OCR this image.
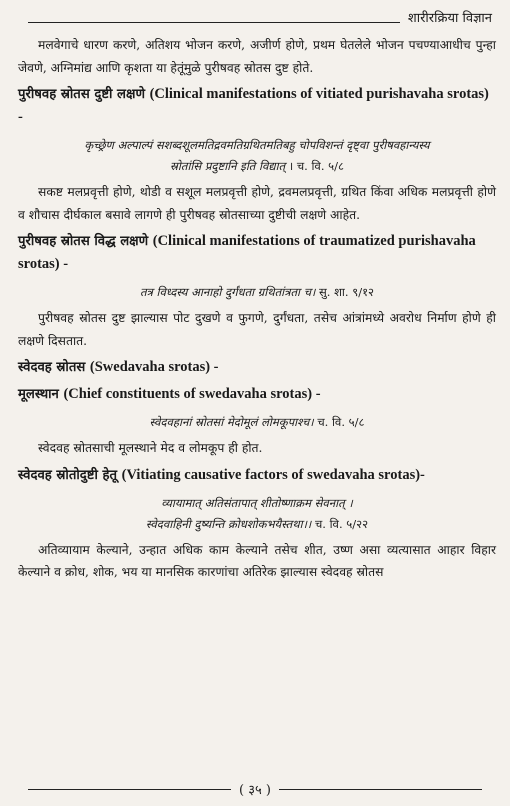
शारीरक्रिया विज्ञान

मलवेगाचे धारण करणे, अतिशय भोजन करणे, अजीर्ण होणे, प्रथम घेतलेले भोजन पचण्याआधीच पुन्हा जेवणे, अग्निमांद्य आणि कृशता या हेतूंमुळे पुरीषवह स्रोतस दुष्ट होते.

पुरीषवह स्रोतस दुष्टी लक्षणे (Clinical manifestations of vitiated purishavaha srotas) -
कृच्छ्रेण अल्पाल्पं सशब्दशूलमतिद्रवमतिग्रथितमतिबहु चोपविशन्तं दृष्ट्वा पुरीषवहान्यस्य
स्रोतांसि प्रदुष्टानि इति विद्यात् । च. वि. ५/८

सकष्ट मलप्रवृत्ती होणे, थोडी व सशूल मलप्रवृत्ती होणे, द्रवमलप्रवृत्ती, ग्रथित किंवा अधिक मलप्रवृत्ती होणे व शौचास दीर्घकाल बसावे लागणे ही पुरीषवह स्रोतसाच्या दुष्टीची लक्षणे आहेत.

पुरीषवह स्रोतस विद्ध लक्षणे (Clinical manifestations of traumatized purishavaha srotas) -
तत्र विध्दस्य आनाहो दुर्गंधता ग्रथितांत्रता च। सु. शा. ९/१२

पुरीषवह स्रोतस दुष्ट झाल्यास पोट दुखणे व फुगणे, दुर्गंधता, तसेच आंत्रांमध्ये अवरोध निर्माण होणे ही लक्षणे दिसतात.

स्वेदवह स्रोतस (Swedavaha srotas) -
मूलस्थान (Chief constituents of swedavaha srotas) -
स्वेदवहानां स्रोतसां मेदोमूलं लोमकूपाश्च। च. वि. ५/८

स्वेदवह स्रोतसाची मूलस्थाने मेद व लोमकूप ही होत.

स्वेदवह स्रोतोदुष्टी हेतू (Vitiating causative factors of swedavaha srotas)-
व्यायामात् अतिसंतापात् शीतोष्णाक्रम सेवनात् ।
स्वेदवाहिनी दुष्यन्ति क्रोधशोकभयैस्तथा।। च. वि. ५/२२

अतिव्यायाम केल्याने, उन्हात अधिक काम केल्याने तसेच शीत, उष्ण असा व्यत्यासात आहार विहार केल्याने व क्रोध, शोक, भय या मानसिक कारणांचा अतिरेक झाल्यास स्वेदवह स्रोतस

( ३५ )
